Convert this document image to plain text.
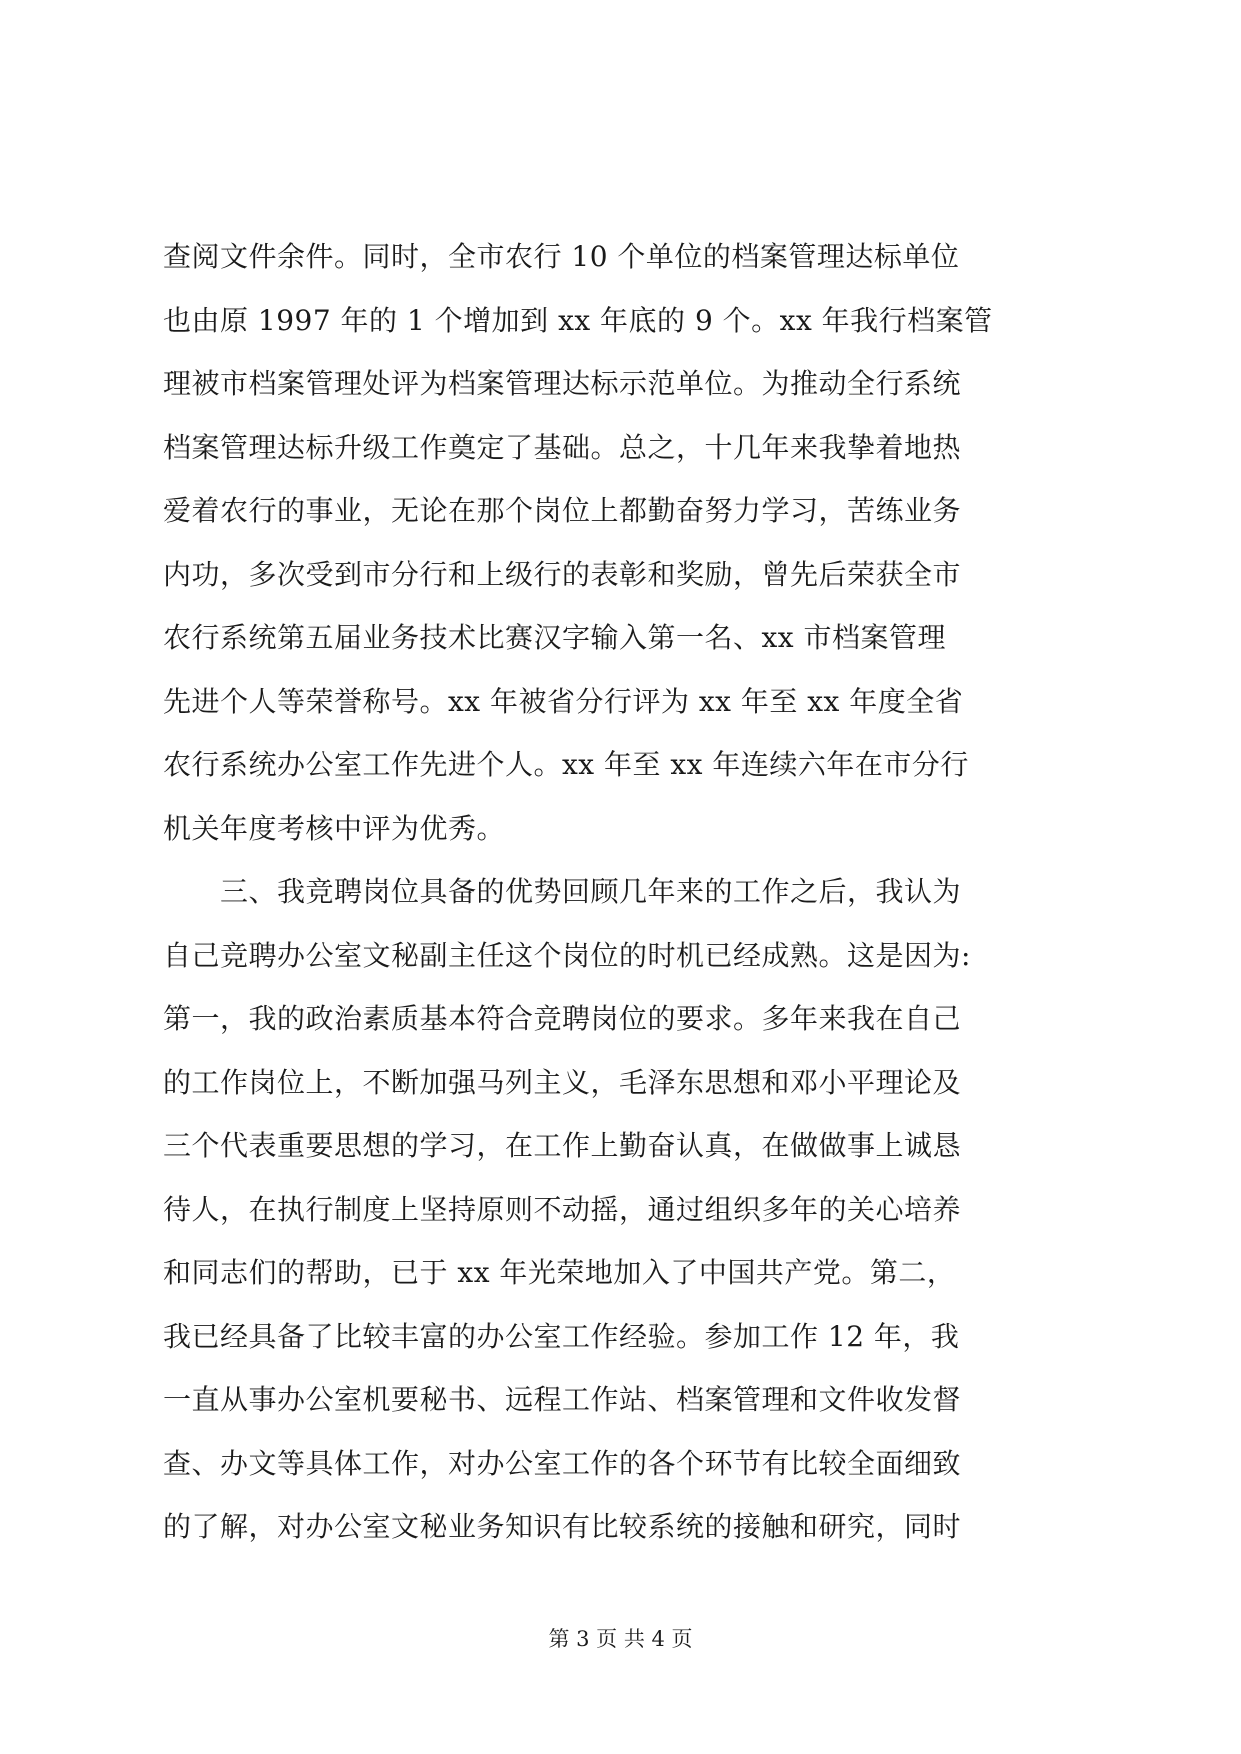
查阅文件余件。同时，全市农行 10 个单位的档案管理达标单位
也由原 1997 年的 1 个增加到 xx 年底的 9 个。xx 年我行档案管
理被市档案管理处评为档案管理达标示范单位。为推动全行系统
档案管理达标升级工作奠定了基础。总之，十几年来我挚着地热
爱着农行的事业，无论在那个岗位上都勤奋努力学习，苦练业务
内功，多次受到市分行和上级行的表彰和奖励，曾先后荣获全市
农行系统第五届业务技术比赛汉字输入第一名、xx 市档案管理
先进个人等荣誉称号。xx 年被省分行评为 xx 年至 xx 年度全省
农行系统办公室工作先进个人。xx 年至 xx 年连续六年在市分行
机关年度考核中评为优秀。
　　三、我竞聘岗位具备的优势回顾几年来的工作之后，我认为
自己竞聘办公室文秘副主任这个岗位的时机已经成熟。这是因为:
第一，我的政治素质基本符合竞聘岗位的要求。多年来我在自己
的工作岗位上，不断加强马列主义，毛泽东思想和邓小平理论及
三个代表重要思想的学习，在工作上勤奋认真，在做做事上诚恳
待人，在执行制度上坚持原则不动摇，通过组织多年的关心培养
和同志们的帮助，已于 xx 年光荣地加入了中国共产党。第二，
我已经具备了比较丰富的办公室工作经验。参加工作 12 年，我
一直从事办公室机要秘书、远程工作站、档案管理和文件收发督
查、办文等具体工作，对办公室工作的各个环节有比较全面细致
的了解，对办公室文秘业务知识有比较系统的接触和研究，同时
第 3 页 共 4 页
